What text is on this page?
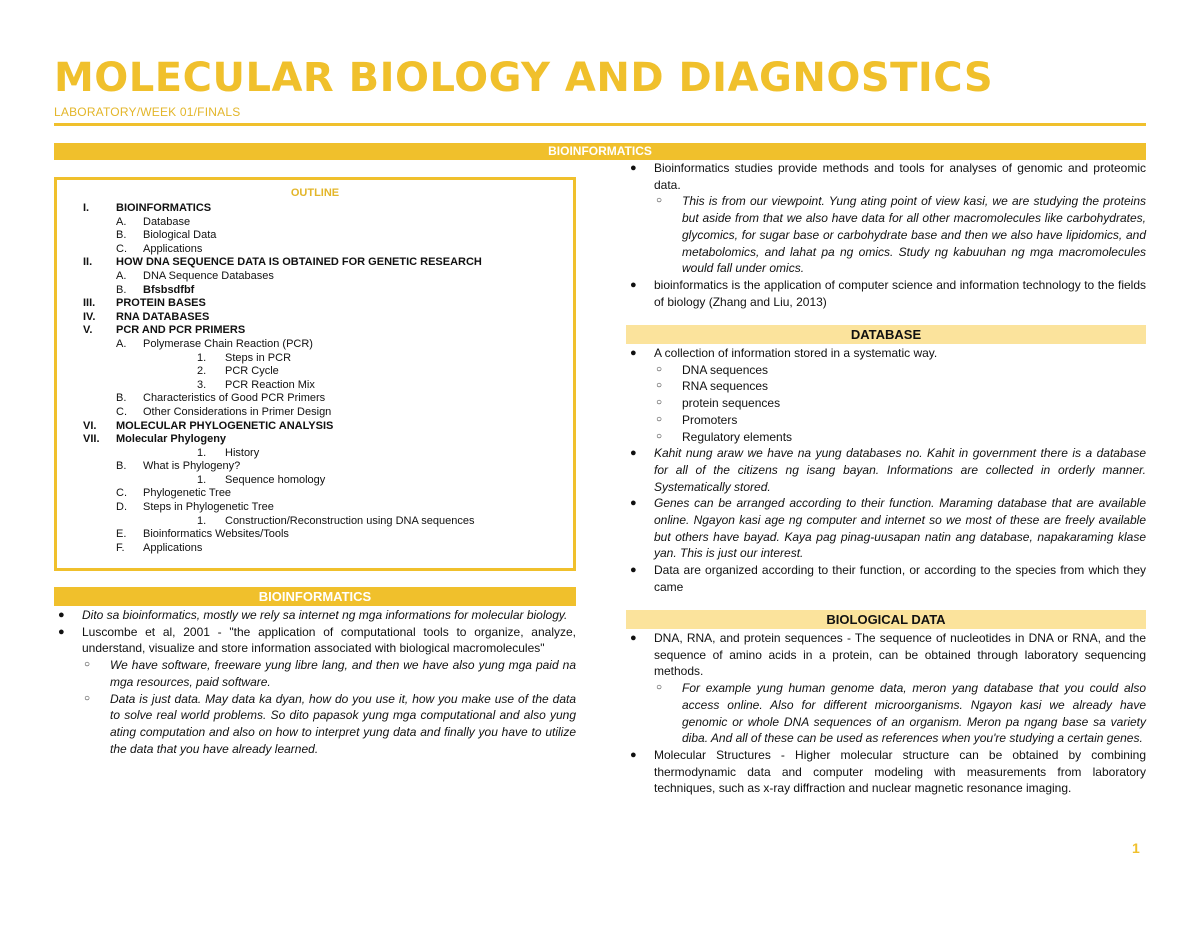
MOLECULAR BIOLOGY AND DIAGNOSTICS
LABORATORY/WEEK 01/FINALS
BIOINFORMATICS
OUTLINE
I. BIOINFORMATICS
A. Database
B. Biological Data
C. Applications
II. HOW DNA SEQUENCE DATA IS OBTAINED FOR GENETIC RESEARCH
A. DNA Sequence Databases
B. Bfsbsdfbf
III. PROTEIN BASES
IV. RNA DATABASES
V. PCR AND PCR PRIMERS
A. Polymerase Chain Reaction (PCR)
1. Steps in PCR
2. PCR Cycle
3. PCR Reaction Mix
B. Characteristics of Good PCR Primers
C. Other Considerations in Primer Design
VI. MOLECULAR PHYLOGENETIC ANALYSIS
VII. Molecular Phylogeny
1. History
B. What is Phylogeny?
1. Sequence homology
C. Phylogenetic Tree
D. Steps in Phylogenetic Tree
1. Construction/Reconstruction using DNA sequences
E. Bioinformatics Websites/Tools
F. Applications
BIOINFORMATICS
● Dito sa bioinformatics, mostly we rely sa internet ng mga informations for molecular biology.
● Luscombe et al, 2001 - "the application of computational tools to organize, analyze, understand, visualize and store information associated with biological macromolecules"
○ We have software, freeware yung libre lang, and then we have also yung mga paid na mga resources, paid software.
○ Data is just data. May data ka dyan, how do you use it, how you make use of the data to solve real world problems. So dito papasok yung mga computational and also yung ating computation and also on how to interpret yung data and finally you have to utilize the data that you have already learned.
● Bioinformatics studies provide methods and tools for analyses of genomic and proteomic data.
○ This is from our viewpoint. Yung ating point of view kasi, we are studying the proteins but aside from that we also have data for all other macromolecules like carbohydrates, glycomics, for sugar base or carbohydrate base and then we also have lipidomics, and metabolomics, and lahat pa ng omics. Study ng kabuuhan ng mga macromolecules would fall under omics.
● bioinformatics is the application of computer science and information technology to the fields of biology (Zhang and Liu, 2013)
DATABASE
● A collection of information stored in a systematic way.
○ DNA sequences
○ RNA sequences
○ protein sequences
○ Promoters
○ Regulatory elements
● Kahit nung araw we have na yung databases no. Kahit in government there is a database for all of the citizens ng isang bayan. Informations are collected in orderly manner. Systematically stored.
● Genes can be arranged according to their function. Maraming database that are available online. Ngayon kasi age ng computer and internet so we most of these are freely available but others have bayad. Kaya pag pinag-uusapan natin ang database, napakaraming klase yan. This is just our interest.
● Data are organized according to their function, or according to the species from which they came
BIOLOGICAL DATA
● DNA, RNA, and protein sequences - The sequence of nucleotides in DNA or RNA, and the sequence of amino acids in a protein, can be obtained through laboratory sequencing methods.
○ For example yung human genome data, meron yang database that you could also access online. Also for different microorganisms. Ngayon kasi we already have genomic or whole DNA sequences of an organism. Meron pa ngang base sa variety diba. And all of these can be used as references when you're studying a certain genes.
● Molecular Structures - Higher molecular structure can be obtained by combining thermodynamic data and computer modeling with measurements from laboratory techniques, such as x-ray diffraction and nuclear magnetic resonance imaging.
1
